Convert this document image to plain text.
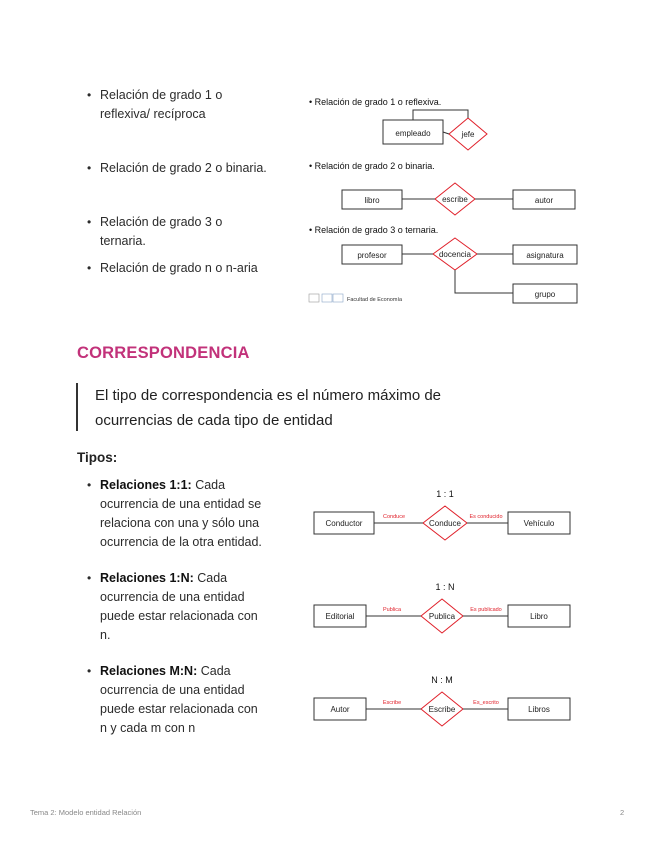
• Relación de grado 1 o
reflexiva/ recíproca
• Relación de grado 2 o binaria.
• Relación de grado 3 o
ternaria.
• Relación de grado n o n-aria
• Relación de grado 1 o reflexiva.
empleado	jefe
• Relación de grado 2 o binaria.
libro	escribe	autor
• Relación de grado 3 o ternaria.
profesor	docencia	asignatura
grupo
Facultad de Economía
CORRESPONDENCIA
El tipo de correspondencia es el número máximo de
ocurrencias de cada tipo de entidad
Tipos:
• Relaciones 1:1: Cada
ocurrencia de una entidad se
relaciona con una y sólo una
ocurrencia de la otra entidad.
• Relaciones 1:N: Cada
ocurrencia de una entidad
puede estar relacionada con
n.
• Relaciones M:N: Cada
ocurrencia de una entidad
puede estar relacionada con
n y cada m con n
1 : 1
Conductor	Conduce	Vehículo
Conduce	Es conducido
1 : N
Editorial	Publica	Libro
Publica	Es publicado
N : M
Autor	Escribe	Libros
Escribe	Es_escrito
Tema 2: Modelo entidad Relación	2
